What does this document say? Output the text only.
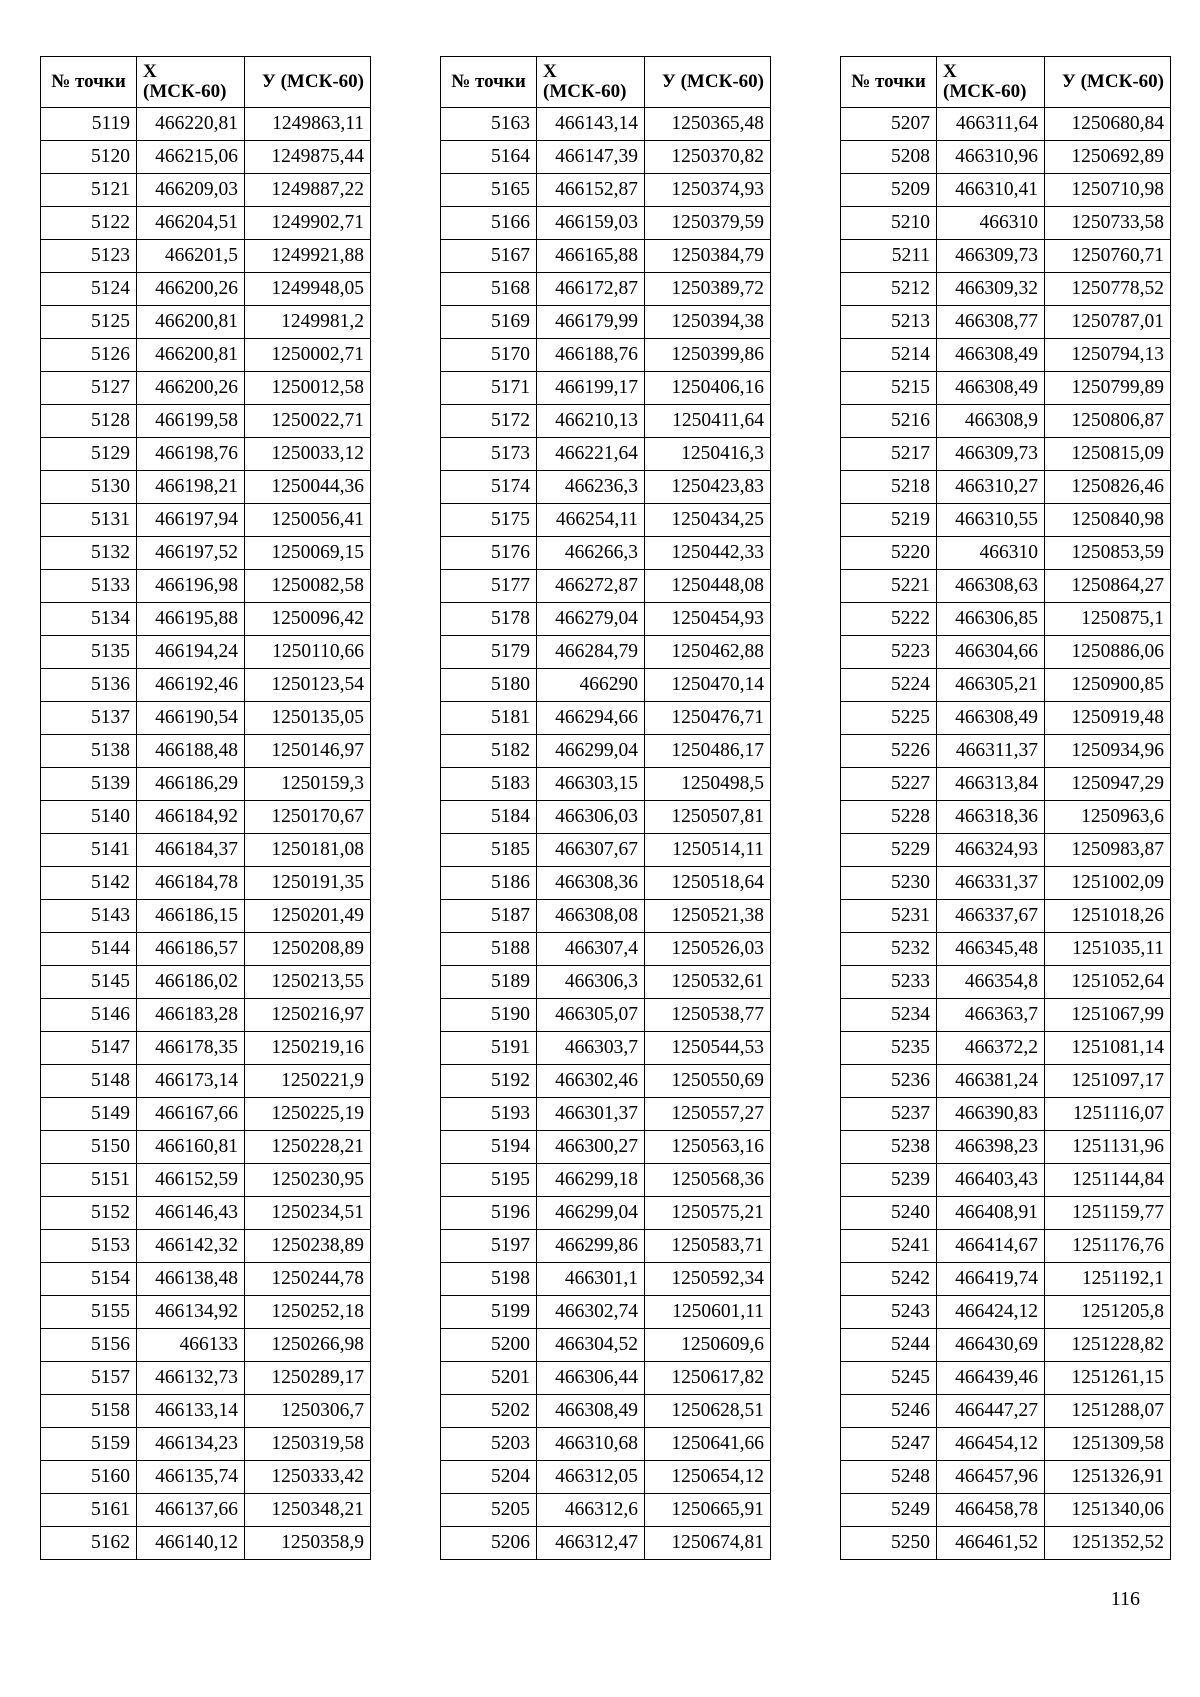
№ точки	X (МСК-60)	У (МСК-60)
5119	466220,81	1249863,11
5120	466215,06	1249875,44
5121	466209,03	1249887,22
5122	466204,51	1249902,71
5123	466201,5	1249921,88
5124	466200,26	1249948,05
5125	466200,81	1249981,2
5126	466200,81	1250002,71
5127	466200,26	1250012,58
5128	466199,58	1250022,71
5129	466198,76	1250033,12
5130	466198,21	1250044,36
5131	466197,94	1250056,41
5132	466197,52	1250069,15
5133	466196,98	1250082,58
5134	466195,88	1250096,42
5135	466194,24	1250110,66
5136	466192,46	1250123,54
5137	466190,54	1250135,05
5138	466188,48	1250146,97
5139	466186,29	1250159,3
5140	466184,92	1250170,67
5141	466184,37	1250181,08
5142	466184,78	1250191,35
5143	466186,15	1250201,49
5144	466186,57	1250208,89
5145	466186,02	1250213,55
5146	466183,28	1250216,97
5147	466178,35	1250219,16
5148	466173,14	1250221,9
5149	466167,66	1250225,19
5150	466160,81	1250228,21
5151	466152,59	1250230,95
5152	466146,43	1250234,51
5153	466142,32	1250238,89
5154	466138,48	1250244,78
5155	466134,92	1250252,18
5156	466133	1250266,98
5157	466132,73	1250289,17
5158	466133,14	1250306,7
5159	466134,23	1250319,58
5160	466135,74	1250333,42
5161	466137,66	1250348,21
5162	466140,12	1250358,9
№ точки	X (МСК-60)	У (МСК-60)
5163	466143,14	1250365,48
5164	466147,39	1250370,82
5165	466152,87	1250374,93
5166	466159,03	1250379,59
5167	466165,88	1250384,79
5168	466172,87	1250389,72
5169	466179,99	1250394,38
5170	466188,76	1250399,86
5171	466199,17	1250406,16
5172	466210,13	1250411,64
5173	466221,64	1250416,3
5174	466236,3	1250423,83
5175	466254,11	1250434,25
5176	466266,3	1250442,33
5177	466272,87	1250448,08
5178	466279,04	1250454,93
5179	466284,79	1250462,88
5180	466290	1250470,14
5181	466294,66	1250476,71
5182	466299,04	1250486,17
5183	466303,15	1250498,5
5184	466306,03	1250507,81
5185	466307,67	1250514,11
5186	466308,36	1250518,64
5187	466308,08	1250521,38
5188	466307,4	1250526,03
5189	466306,3	1250532,61
5190	466305,07	1250538,77
5191	466303,7	1250544,53
5192	466302,46	1250550,69
5193	466301,37	1250557,27
5194	466300,27	1250563,16
5195	466299,18	1250568,36
5196	466299,04	1250575,21
5197	466299,86	1250583,71
5198	466301,1	1250592,34
5199	466302,74	1250601,11
5200	466304,52	1250609,6
5201	466306,44	1250617,82
5202	466308,49	1250628,51
5203	466310,68	1250641,66
5204	466312,05	1250654,12
5205	466312,6	1250665,91
5206	466312,47	1250674,81
№ точки	X (МСК-60)	У (МСК-60)
5207	466311,64	1250680,84
5208	466310,96	1250692,89
5209	466310,41	1250710,98
5210	466310	1250733,58
5211	466309,73	1250760,71
5212	466309,32	1250778,52
5213	466308,77	1250787,01
5214	466308,49	1250794,13
5215	466308,49	1250799,89
5216	466308,9	1250806,87
5217	466309,73	1250815,09
5218	466310,27	1250826,46
5219	466310,55	1250840,98
5220	466310	1250853,59
5221	466308,63	1250864,27
5222	466306,85	1250875,1
5223	466304,66	1250886,06
5224	466305,21	1250900,85
5225	466308,49	1250919,48
5226	466311,37	1250934,96
5227	466313,84	1250947,29
5228	466318,36	1250963,6
5229	466324,93	1250983,87
5230	466331,37	1251002,09
5231	466337,67	1251018,26
5232	466345,48	1251035,11
5233	466354,8	1251052,64
5234	466363,7	1251067,99
5235	466372,2	1251081,14
5236	466381,24	1251097,17
5237	466390,83	1251116,07
5238	466398,23	1251131,96
5239	466403,43	1251144,84
5240	466408,91	1251159,77
5241	466414,67	1251176,76
5242	466419,74	1251192,1
5243	466424,12	1251205,8
5244	466430,69	1251228,82
5245	466439,46	1251261,15
5246	466447,27	1251288,07
5247	466454,12	1251309,58
5248	466457,96	1251326,91
5249	466458,78	1251340,06
5250	466461,52	1251352,52
116
